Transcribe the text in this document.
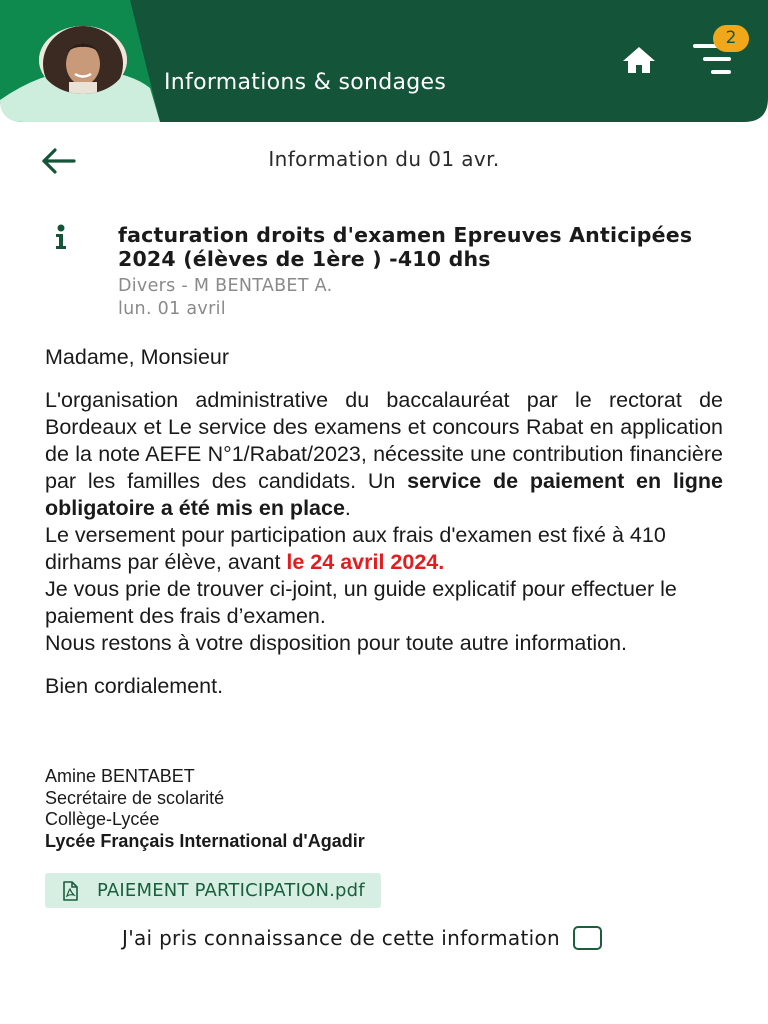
Informations & sondages
2
Information du 01 avr.
facturation droits d'examen Epreuves Anticipées 2024 (élèves de 1ère ) -410 dhs
Divers - M BENTABET A.
lun. 01 avril

Madame, Monsieur

L'organisation administrative du baccalauréat par le rectorat de Bordeaux et Le service des examens et concours Rabat en application de la note AEFE N°1/Rabat/2023, nécessite une contribution financière par les familles des candidats. Un service de paiement en ligne obligatoire a été mis en place.
Le versement pour participation aux frais d'examen est fixé à 410 dirhams par élève, avant le 24 avril 2024.
Je vous prie de trouver ci-joint, un guide explicatif pour effectuer le paiement des frais d’examen.

Nous restons à votre disposition pour toute autre information.

Bien cordialement.

Amine BENTABET
Secrétaire de scolarité
Collège-Lycée
Lycée Français International d'Agadir
PAIEMENT PARTICIPATION.pdf
J'ai pris connaissance de cette information
